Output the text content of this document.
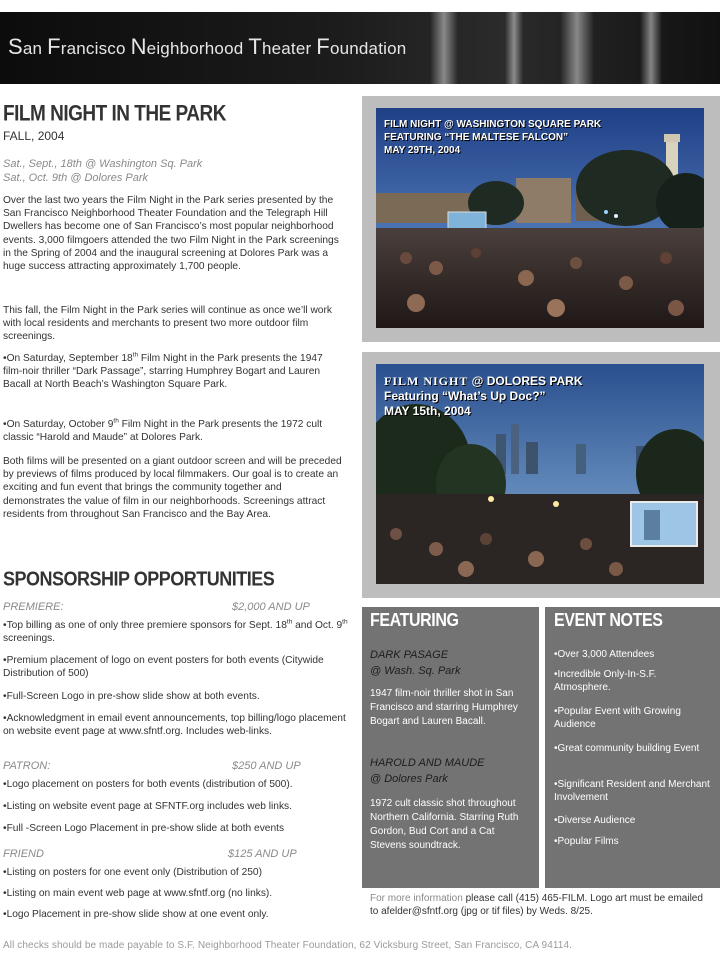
San Francisco Neighborhood Theater Foundation
FILM NIGHT IN THE PARK
FALL, 2004
Sat., Sept., 18th @ Washington Sq. Park
Sat., Oct. 9th @ Dolores Park
Over the last two years the Film Night in the Park series presented by the San Francisco Neighborhood Theater Foundation and the Telegraph Hill Dwellers has become one of San Francisco’s most popular neighborhood events. 3,000 filmgoers attended the two Film Night in the Park screenings in the Spring of 2004 and the inaugural screening at Dolores Park was a huge success attracting approximately 1,700 people.
This fall, the Film Night in the Park series will continue as once we’ll work with local residents and merchants to present two more outdoor film screenings.
•On Saturday, September 18th Film Night in the Park presents the 1947 film-noir thriller “Dark Passage”, starring Humphrey Bogart and Lauren Bacall at North Beach’s Washington Square Park.
•On Saturday, October 9th Film Night in the Park presents the 1972 cult classic “Harold and Maude” at Dolores Park.
Both films will be presented on a giant outdoor screen and will be preceded by previews of films produced by local filmmakers. Our goal is to create an exciting and fun event that brings the community together and demonstrates the value of film in our neighborhoods. Screenings attract residents from throughout San Francisco and the Bay Area.
SPONSORSHIP OPPORTUNITIES
PREMIERE:	$2,000 AND UP
•Top billing as one of only three premiere sponsors for Sept. 18th and Oct. 9th screenings.
•Premium placement of logo on event posters for both events (Citywide Distribution of 500)
•Full-Screen Logo in pre-show slide show at both events.
•Acknowledgment in email event announcements, top billing/logo placement on website event page at www.sfntf.org. Includes web-links.
PATRON:	$250 AND UP
•Logo placement on posters for both events (distribution of 500).
•Listing on website event page at SFNTF.org includes web links.
•Full -Screen Logo Placement in pre-show slide at both events
FRIEND	$125 AND UP
•Listing on posters for one event only (Distribution of 250)
•Listing on main event web page at www.sfntf.org (no links).
•Logo Placement in pre-show slide show at one event only.
FILM NIGHT @ WASHINGTON SQUARE PARK
FEATURING “THE MALTESE FALCON”
MAY 29TH, 2004
FILM NIGHT @ DOLORES PARK
Featuring “What’s Up Doc?”
MAY 15th, 2004
FEATURING
DARK PASAGE
@ Wash. Sq. Park
1947 film-noir thriller shot in San Francisco and starring Humphrey Bogart and Lauren Bacall.
HAROLD AND MAUDE
@ Dolores Park
1972 cult classic shot throughout Northern California. Starring Ruth Gordon, Bud Cort and a Cat Stevens soundtrack.
EVENT NOTES
•Over 3,000 Attendees
•Incredible Only-In-S.F. Atmosphere.
•Popular Event with Growing Audience
•Great community building Event
•Significant Resident and Merchant Involvement
•Diverse Audience
•Popular Films
For more information please call (415) 465-FILM. Logo art must be emailed to afelder@sfntf.org (jpg or tif files) by Weds. 8/25.
All checks should be made payable to S.F. Neighborhood Theater Foundation, 62 Vicksburg Street, San Francisco, CA 94114.
